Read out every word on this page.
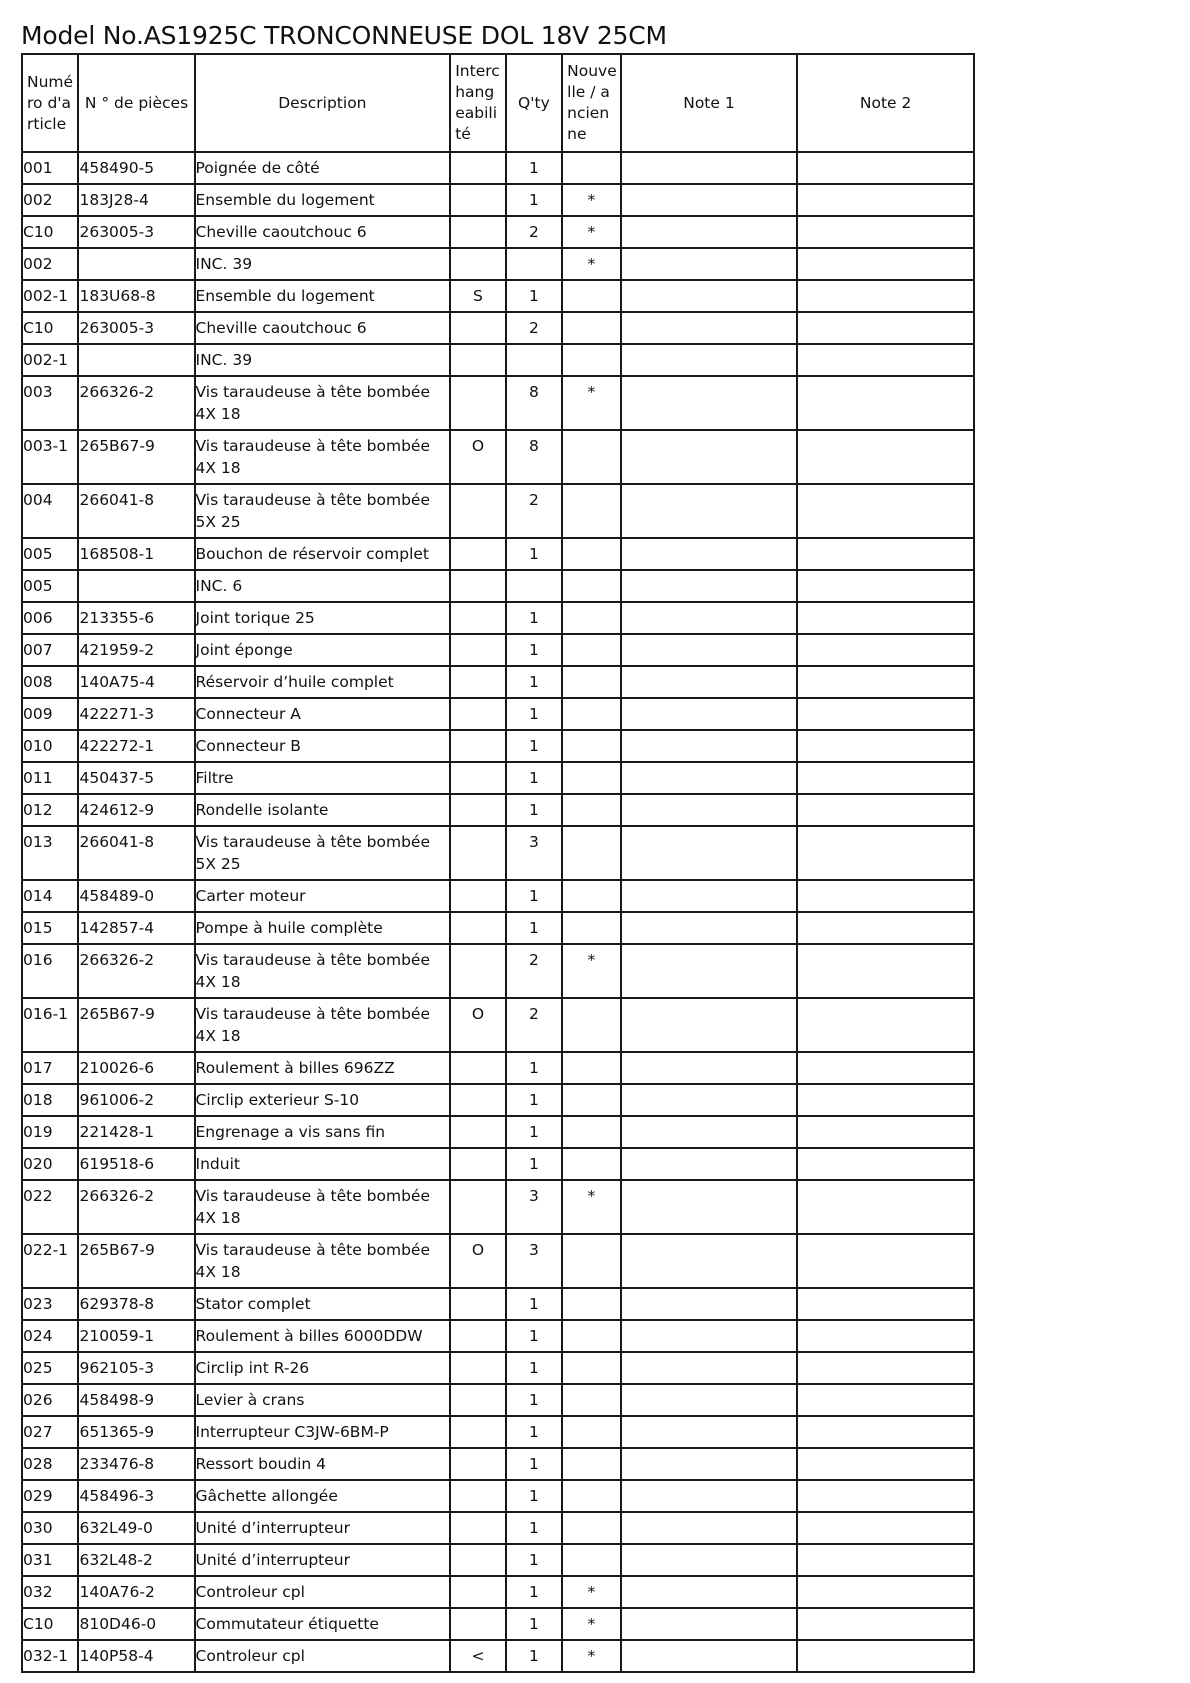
Model No.AS1925C TRONCONNEUSE DOL 18V 25CM
Numéro d'article	N ° de pièces	Description	Interchangeabilité	Q'ty	Nouvelle / ancienne	Note 1	Note 2
001	458490-5	Poignée de côté		1			
002	183J28-4	Ensemble du logement		1	*		
C10	263005-3	Cheville caoutchouc 6		2	*		
002		INC. 39			*		
002-1	183U68-8	Ensemble du logement	S	1			
C10	263005-3	Cheville caoutchouc 6		2			
002-1		INC. 39					
003	266326-2	Vis taraudeuse à tête bombée 4X 18		8	*		
003-1	265B67-9	Vis taraudeuse à tête bombée 4X 18	O	8			
004	266041-8	Vis taraudeuse à tête bombée 5X 25		2			
005	168508-1	Bouchon de réservoir complet		1			
005		INC. 6					
006	213355-6	Joint torique 25		1			
007	421959-2	Joint éponge		1			
008	140A75-4	Réservoir d’huile complet		1			
009	422271-3	Connecteur A		1			
010	422272-1	Connecteur B		1			
011	450437-5	Filtre		1			
012	424612-9	Rondelle isolante		1			
013	266041-8	Vis taraudeuse à tête bombée 5X 25		3			
014	458489-0	Carter moteur		1			
015	142857-4	Pompe à huile complète		1			
016	266326-2	Vis taraudeuse à tête bombée 4X 18		2	*		
016-1	265B67-9	Vis taraudeuse à tête bombée 4X 18	O	2			
017	210026-6	Roulement à billes 696ZZ		1			
018	961006-2	Circlip exterieur S-10		1			
019	221428-1	Engrenage a vis sans fin		1			
020	619518-6	Induit		1			
022	266326-2	Vis taraudeuse à tête bombée 4X 18		3	*		
022-1	265B67-9	Vis taraudeuse à tête bombée 4X 18	O	3			
023	629378-8	Stator complet		1			
024	210059-1	Roulement à billes 6000DDW		1			
025	962105-3	Circlip int R-26		1			
026	458498-9	Levier à crans		1			
027	651365-9	Interrupteur C3JW-6BM-P		1			
028	233476-8	Ressort boudin 4		1			
029	458496-3	Gâchette allongée		1			
030	632L49-0	Unité d’interrupteur		1			
031	632L48-2	Unité d’interrupteur		1			
032	140A76-2	Controleur cpl		1	*		
C10	810D46-0	Commutateur étiquette		1	*		
032-1	140P58-4	Controleur cpl	<	1	*		
